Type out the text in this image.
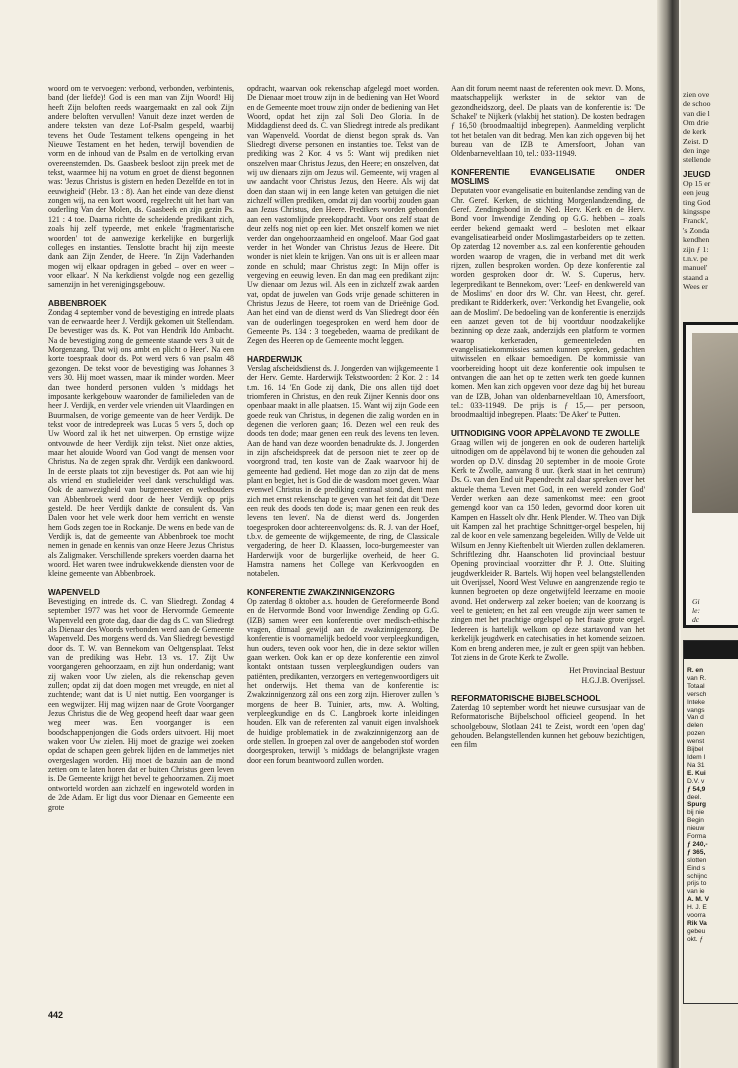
woord om te vervoegen: verbond, verbonden, verbintenis, band (der liefde)! God is een man van Zijn Woord! Hij heeft Zijn beloften reeds waargemaakt en zal ook Zijn andere beloften vervullen! Vanuit deze inzet werden de andere teksten van deze Lof-Psalm gespeld, waarbij tevens het Oude Testament telkens opengeing in het Nieuwe Testament en het heden, terwijl bovendien de vorm en de inhoud van de Psalm en de vertolking ervan overeenstemden. Ds. Gaasbeek besloot zijn preek met de tekst, waarmee hij na votum en groet de dienst begonnen was: 'Jezus Christus is gistern en heden Dezelfde en tot in eeuwigheid' (Hebr. 13 : 8). Aan het einde van deze dienst zongen wij, na een kort woord, regelrecht uit het hart van ouderling Van der Molen, ds. Gaasbeek en zijn gezin Ps. 121 : 4 toe. Daarna richtte de scheidende predikant zich, zoals hij zelf typeerde, met enkele 'fragmentarische woorden' tot de aanwezige kerkelijke en burgerlijk colleges en instanties. Tenslotte bracht hij zijn meeste dank aan Zijn Zender, de Heere. 'In Zijn Vaderhanden mogen wij elkaar opdragen in gebed – over en weer – voor elkaar'. N Na kerkdienst volgde nog een gezellig samenzijn in het verenigingsgebouw.

ABBENBROEK

Zondag 4 september vond de bevestiging en intrede plaats van de eerwaarde heer J. Verdijk gekomen uit Stellendam. De bevestiger was ds. K. Pot van Hendrik Ido Ambacht. Na de bevestiging zong de gemeente staande vers 3 uit de Morgenzang. 'Dat wij ons ambt en plicht o Heer'. Na een korte toespraak door ds. Pot werd vers 6 van psalm 48 gezongen. De tekst voor de bevestiging was Johannes 3 vers 30. Hij moet wassen, maar ik minder worden. Meer dan twee honderd personen vulden 's middags het imposante kerkgebouw waaronder de familieleden van de heer J. Verdijk, en verder vele vrienden uit Vlaardingen en Buurmalsen, de vorige gemeente van de heer Verdijk. De tekst voor de intredepreek was Lucas 5 vers 5, doch op Uw Woord zal ik het net uitwerpen. Op ernstige wijze ontvouwde de heer Verdijk zijn tekst. Niet onze akties, maar het alouide Woord van God vangt de mensen voor Christus. Na de zegen sprak dhr. Verdijk een dankwoord. In de eerste plaats tot zijn bevestiger ds. Pot aan wie hij als vriend en studieleider veel dank verschuldigd was. Ook de aanwezigheid van burgemeester en wethouders van Abbenbroek werd door de heer Verdijk op prijs gesteld. De heer Verdijk dankte de consulent ds. Van Dalen voor het vele werk door hem verricht en wenste hem Gods zegen toe in Rockanje. De wens en bede van de Verdijk is, dat de gemeente van Abbenbroek toe mocht nemen in genade en kennis van onze Heere Jezus Christus als Zaligmaker. Verschillende sprekers voerden daarna het woord. Het waren twee indrukwekkende diensten voor de kleine gemeente van Abbenbroek.

WAPENVELD

Bevestiging en intrede ds. C. van Sliedregt. Zondag 4 september 1977 was het voor de Hervormde Gemeente Wapenveld een grote dag, daar die dag ds C. van Sliedregt als Dienaar des Woords verbonden werd aan de Gemeente Wapenveld. Des morgens werd ds. Van Sliedregt bevestigd door ds. T. W. van Bennekom van Oeltgensplaat. Tekst van de prediking was Hebr. 13 vs. 17. Zijt Uw voorgangeren gehoorzaam, en zijt hun onderdanig; want zij waken voor Uw zielen, als die rekenschap geven zullen; opdat zij dat doen mogen met vreugde, en niet al zuchtende; want dat is U niet nuttig. Een voorganger is een wegwijzer. Hij mag wijzen naar de Grote Voorganger Jezus Christus die de Weg geopend heeft daar waar geen weg meer was. Een voorganger is een boodschappenjongen die Gods orders uitvoert. Hij moet waken voor Uw zielen. Hij moet de grazige wei zoeken opdat de schapen geen gebrek lijden en de lammetjes niet overgeslagen worden. Hij moet de bazuin aan de mond zetten om te laten horen dat er buiten Christus geen leven is. De Gemeente krijgt het bevel te gehoorzamen. Zij moet ontworteld worden aan zichzelf en ingewoteld worden in de 2de Adam. Er ligt dus voor Dienaar en Gemeente een grote

opdracht, waarvan ook rekenschap afgelegd moet worden. De Dienaar moet trouw zijn in de bediening van Het Woord en de Gemeente moet trouw zijn onder de bediening van Het Woord, opdat het zijn zal Soli Deo Gloria. In de Middagdienst deed ds. C. van Sliedregt intrede als predikant van Wapenveld. Voordat de dienst begon sprak ds. Van Sliedregt diverse personen en instanties toe. Tekst van de prediking was 2 Kor. 4 vs 5: Want wij prediken niet onszelven maar Christus Jezus, den Heere; en onszelven, dat wij uw dienaars zijn om Jezus wil. Gemeente, wij vragen al uw aandacht voor Christus Jezus, den Heere. Als wij dat doen dan staan wij in een lange keten van getuigen die niet zichzelf willen prediken, omdat zij dan voorbij zouden gaan aan Jezus Christus, den Heere. Predikers worden gebonden aan een vastomlijnde preekopdracht. Voor ons zelf staat de deur zelfs nog niet op een kier. Met onszelf komen we niet verder dan ongehoorzaamheid en ongeloof. Maar God gaat verder in het Wonder van Christus Jezus de Heere. Dit wonder is niet klein te krijgen. Van ons uit is er alleen maar zonde en schuld; maar Christus zegt: In Mijn offer is vergeving en eeuwig leven. En dan mag een predikant zijn: Uw dienaar om Jezus wil. Als een in zichzelf zwak aarden vat, opdat de juwelen van Gods vrije genade schitteren in Christus Jezus de Heere, tot roem van de Drieënige God. Aan het eind van de dienst werd ds Van Sliedregt door één van de ouderlingen toegesproken en werd hem door de Gemeente Ps. 134 : 3 toegebeden, waarna de predikant de Zegen des Heeren op de Gemeente mocht leggen.

HARDERWIJK

Verslag afscheidsdienst ds. J. Jongerden van wijkgemeente 1 der Herv. Gemte. Harderwijk Tekstwoorden: 2 Kor. 2 : 14 t.m. 16. 14 'En Gode zij dank, Die ons allen tijd doet triomferen in Christus, en den reuk Zijner Kennis door ons openbaar maakt in alle plaatsen. 15. Want wij zijn Gode een goede reuk van Christus, in degenen die zalig worden en in degenen die verloren gaan; 16. Dezen wel een reuk des doods ten dode; maar genen een reuk des levens ten leven. Aan de hand van deze woorden benadrukte ds. J. Jongerden in zijn afscheidspreek dat de persoon niet te zeer op de voorgrond trad, ten koste van de Zaak waarvoor hij de gemeente had gediend. Het moge dan zo zijn dat de mens plant en begiet, het is God die de wasdom moet geven. Waar evenwel Christus in de prediking centraal stond, dient men zich met ernst rekenschap te geven van het feit dat dit 'Deze een reuk des doods ten dode is; maar genen een reuk des levens ten leven'. Na de dienst werd ds. Jongerden toegesproken door achtereenvolgens: ds. R. J. van der Hoef, t.b.v. de gemeente de wijkgemeente, de ring, de Classicale vergadering, de heer D. Klaassen, loco-burgemeester van Harderwijk voor de burgerlijke overheid, de heer G. Hamstra namens het College van Kerkvoogden en notabelen.

KONFERENTIE ZWAKZINNIGENZORG

Op zaterdag 8 oktober a.s. houden de Gereformeerde Bond en de Hervormde Bond voor Inwendige Zending op G.G. (IZB) samen weer een konferentie over medisch-ethische vragen, ditmaal gewijd aan de zwakzinnigenzorg. De konferentie is voornamelijk bedoeld voor verpleegkundigen, hun ouders, teven ook voor hen, die in deze sektor willen gaan werken. Ook kan er op deze konferentie een zinvol kontakt ontstaan tussen verpleegkundigen ouders van patiënten, predikanten, verzorgers en vertegenwoordigers uit het onderwijs. Het thema van de konferentie is: Zwakzinnigenzorg zál ons een zorg zijn. Hierover zullen 's morgens de heer B. Tuinier, arts, mw. A. Wolting, verpleegkundige en ds C. Langbroek korte inleidingen houden. Elk van de referenten zal vanuit eigen invalshoek de huidige problematiek in de zwakzinnigenzorg aan de orde stellen. In groepen zal over de aangeboden stof worden doorgesproken, terwijl 's middags de belangrijkste vragen door een forum beantwoord zullen worden.

Aan dit forum neemt naast de referenten ook mevr. D. Mons, maatschappelijk werkster in de sektor van de gezondheidszorg, deel. De plaats van de konferentie is: 'De Schakel' te Nijkerk (vlakbij het station). De kosten bedragen ƒ 16,50 (broodmaaltijd inbegrepen). Aanmelding verplicht tot het betalen van dit bedrag. Men kan zich opgeven bij het bureau van de IZB te Amersfoort, Johan van Oldenbarneveltlaan 10, tel.: 033-11949.

KONFERENTIE EVANGELISATIE ONDER MOSLIMS

Deputaten voor evangelisatie en buitenlandse zending van de Chr. Geref. Kerken, de stichting Morgenlandzending, de Geref. Zendingsbond in de Ned. Herv. Kerk en de Herv. Bond voor Inwendige Zending op G.G. hebben – zoals eerder bekend gemaakt werd – besloten met elkaar evangelisatiearbeid onder Moslimgastarbeiders op te zetten. Op zaterdag 12 november a.s. zal een konferentie gehouden worden waarop de vragen, die in verband met dit werk rijzen, zullen besproken worden. Op deze konferentie zal worden gesproken door dr. W. S. Cuperus, herv. legerpredikant te Bennekom, over: 'Leef- en denkwereld van de Moslims' en door drs W. Chr. van Heest, chr. geref. predikant te Ridderkerk, over: 'Verkondig het Evangelie, ook aan de Moslim'. De bedoeling van de konferentie is enerzijds een aanzet geven tot de bij voortduur noodzakelijke bezinning op deze zaak, anderzijds een platform te vormen waarop kerkeraden, gemeenteleden en evangelisatiekommissies samen kunnen spreken, gedachten uitwisselen en elkaar bemoedigen. De kommissie van voorbereiding hoopt uit deze konferentie ook impulsen te ontvangen die aan het op te zetten werk ten goede kunnen komen. Men kan zich opgeven voor deze dag bij het bureau van de IZB, Johan van oldenbarneveltlaan 10, Amersfoort, tel.: 033-11949. De prijs is ƒ 15,— per persoon, broodmaaltijd inbegrepen. Plaats: 'De Aker' te Putten.

UITNODIGING VOOR APPÈLAVOND TE ZWOLLE

Graag willen wij de jongeren en ook de ouderen hartelijk uitnodigen om de appèlavond bij te wonen die gehouden zal worden op D.V. dinsdag 20 september in de mooie Grote Kerk te Zwolle, aanvang 8 uur. (kerk staat in het centrum) Ds. G. van den End uit Papendrecht zal daar spreken over het aktuele thema 'Leven met God, in een wereld zonder God' Verder werken aan deze samenkomst mee: een groot gemengd koor van ca 150 leden, gevormd door koren uit Kampen en Hasselt olv dhr. Henk Plender. W. Theo van Dijk uit Kampen zal het prachtige Schnittger-orgel bespelen, hij zal de koor en vele samenzang begeleiden. Willy de Velde uit Wilsum en Jenny Kieftenbelt uit Wierden zullen deklameren. Schriftlezing dhr. Haanschoten lid provinciaal bestuur Opening provinciaal voorzitter dhr P. J. Otte. Sluiting jeugdwerkleider R. Bartels. Wij hopen veel belangstellenden uit Overijssel, Noord West Veluwe en aangrenzende regio te kunnen begroeten op deze ongetwijfeld leerzame en mooie avond. Het onderwerp zal zeker boeien; van de koorzang is veel te genieten; en het zal een vreugde zijn weer samen te zingen met het prachtige orgelspel op het fraaie grote orgel. Iedereen is hartelijk welkom op deze startavond van het kerkelijk jeugdwerk en catechisaties in het komende seizoen. Kom en breng anderen mee, je zult er geen spijt van hebben. Tot ziens in de Grote Kerk te Zwolle.

Het Provinciaal Bestuur

H.G.J.B. Overijssel.

REFORMATORISCHE BIJBELSCHOOL

Zaterdag 10 september wordt het nieuwe cursusjaar van de Reformatorische Bijbelschool officieel geopend. In het schoolgebouw, Slotlaan 241 te Zeist, wordt een 'open dag' gehouden. Belangstellenden kunnen het gebouw bezichtigen, een film

442
zien ove
de schoo
van die l
Om drie
de kerk
Zeist. D
den inge
stellende
JEUGD
Op 15 er
een jeug
ting God
kingsspe
Franck',
's Zonda
kendhen
zijn ƒ 1:
t.n.v. pe
manuel'
staand a
Wees er
Gi
le:
dc
R. en
van R.
Totaal
versch
Inteke
vangs
Van d
delen
pozen
wenst
Bijbel
Idem I
Na 31
E. Kui
D.V. v
ƒ 54,9
deel.
Spurg
bij nie
Begin
nieuw
Forma
ƒ 240,-
ƒ 365,
slotten
Eind s
schijnc
prijs to
van ie
A. M. V
H. J. E
voorra
Rik Va
gebeu
okt. ƒ
